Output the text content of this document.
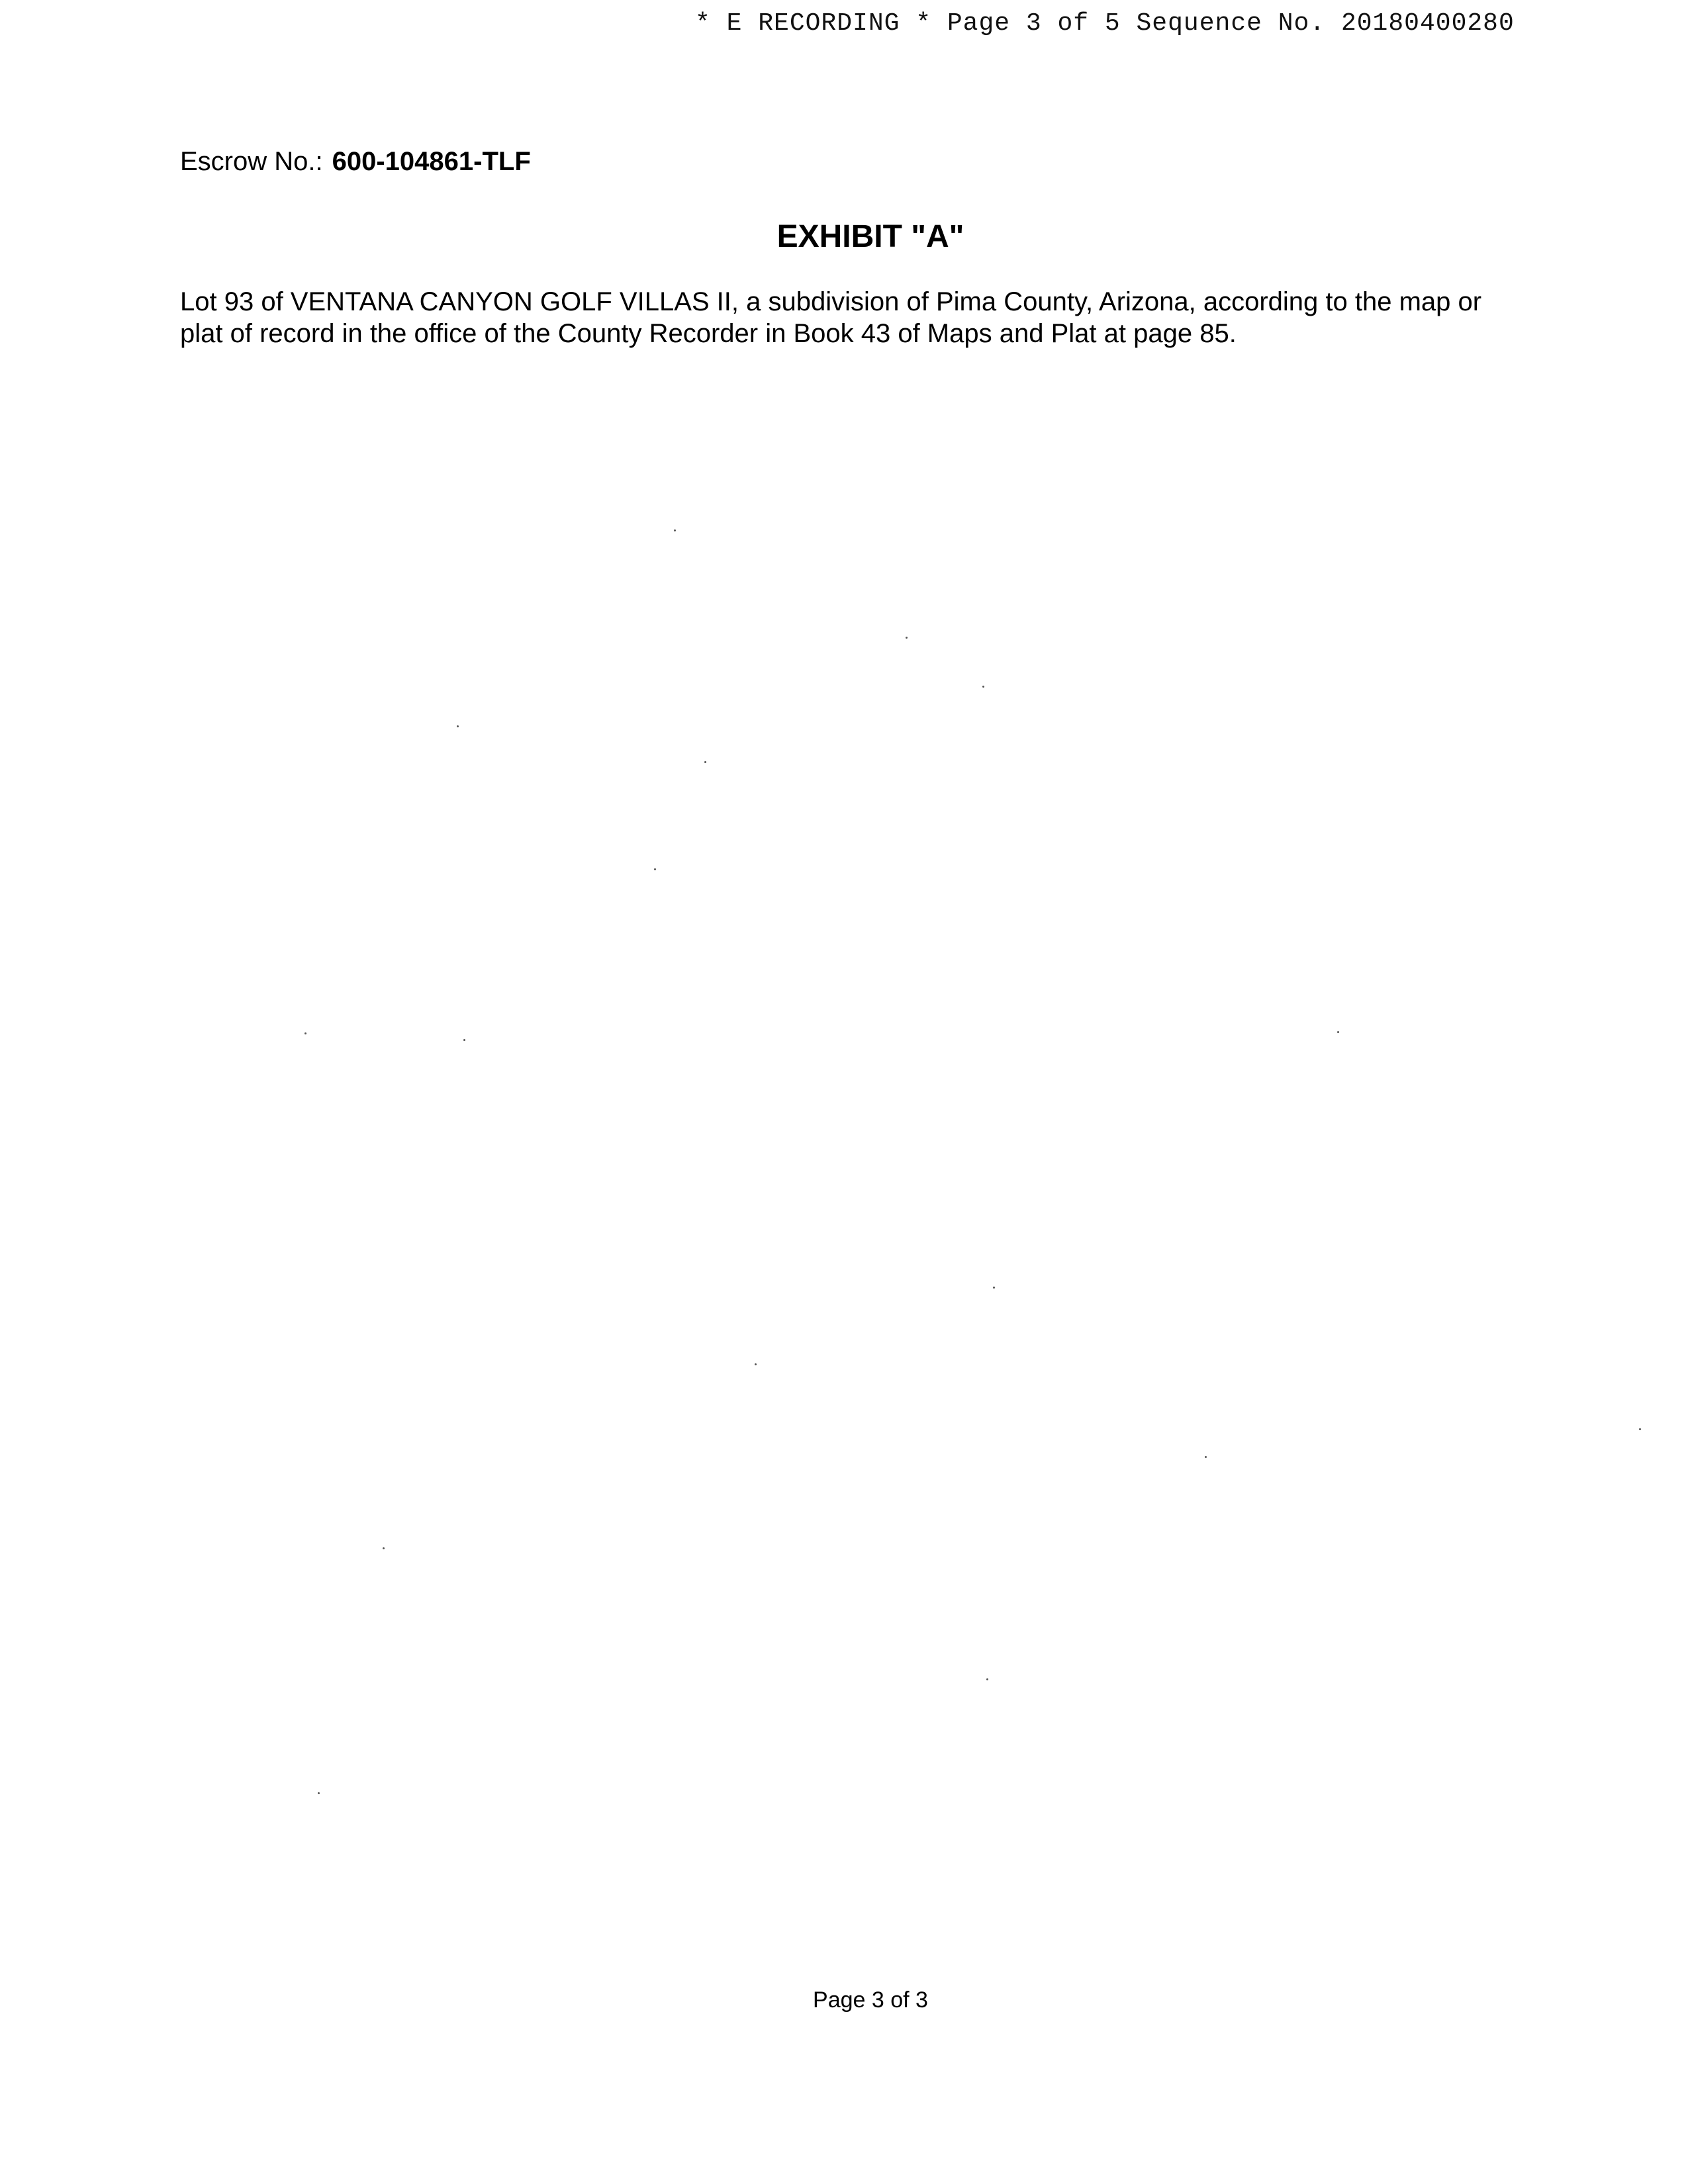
* E RECORDING * Page 3 of 5 Sequence No. 20180400280
Escrow No.: 600-104861-TLF
EXHIBIT "A"

Lot 93 of VENTANA CANYON GOLF VILLAS II, a subdivision of Pima County, Arizona, according to the map or

plat of record in the office of the County Recorder in Book 43 of Maps and Plat at page 85.

Page 3 of 3
